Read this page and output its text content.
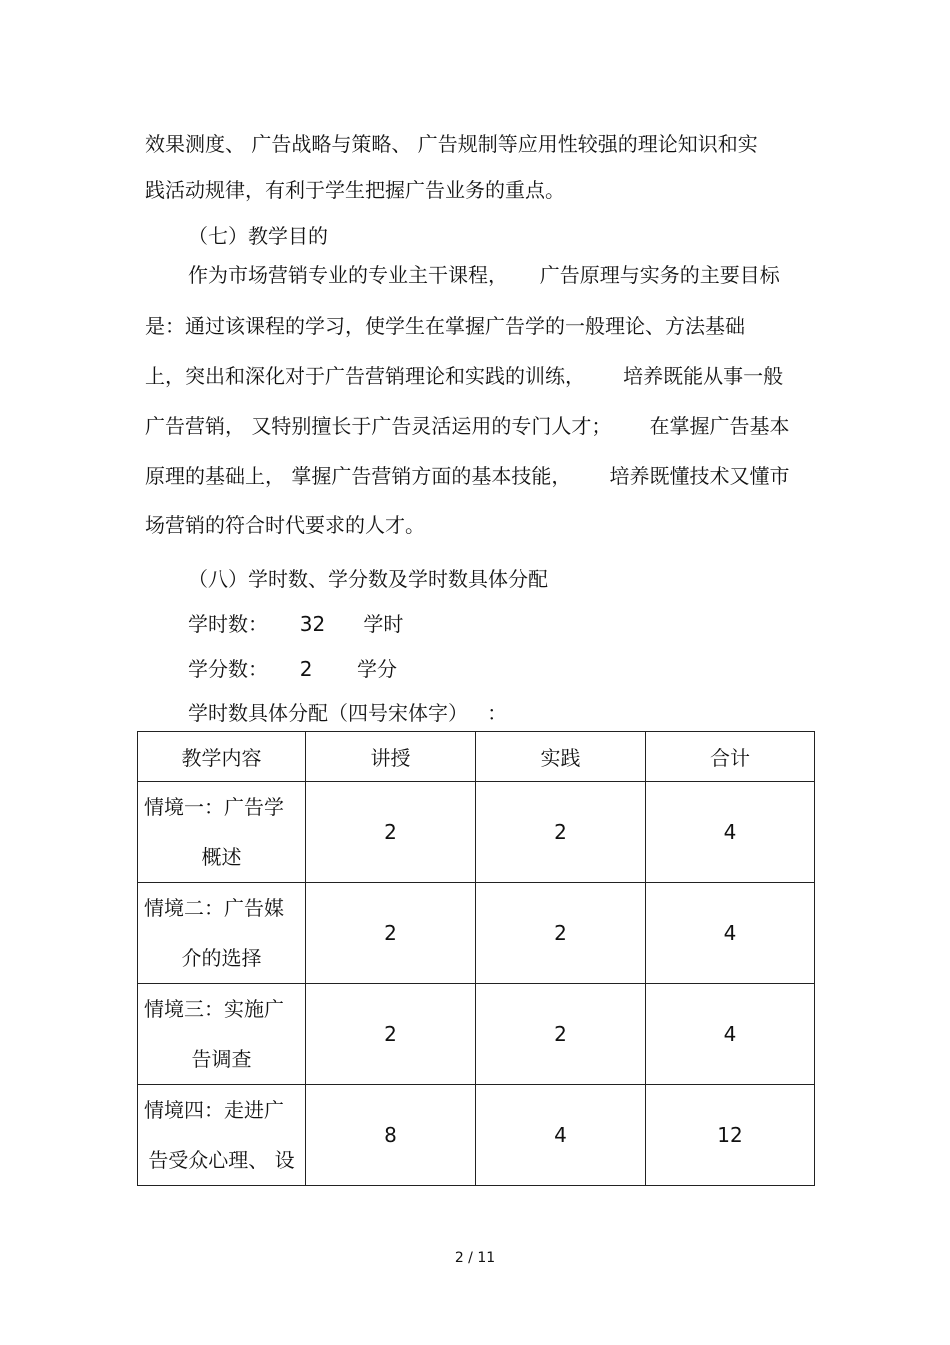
效果测度、 广告战略与策略、 广告规制等应用性较强的理论知识和实

践活动规律，有利于学生把握广告业务的重点。

（七）教学目的

作为市场营销专业的专业主干课程，     广告原理与实务的主要目标

是：通过该课程的学习，使学生在掌握广告学的一般理论、方法基础

上，突出和深化对于广告营销理论和实践的训练，      培养既能从事一般

广告营销， 又特别擅长于广告灵活运用的专门人才；      在掌握广告基本

原理的基础上， 掌握广告营销方面的基本技能，      培养既懂技术又懂市

场营销的符合时代要求的人才。

（八）学时数、学分数及学时数具体分配

学时数：     32      学时

学分数：     2       学分

学时数具体分配（四号宋体字）   ：

教学内容	讲授	实践	合计
情境一：广告学
概述	2	2	4
情境二：广告媒
介的选择	2	2	4
情境三：实施广
告调查	2	2	4
情境四：走进广
告受众心理、 设	8	4	12
2 / 11
